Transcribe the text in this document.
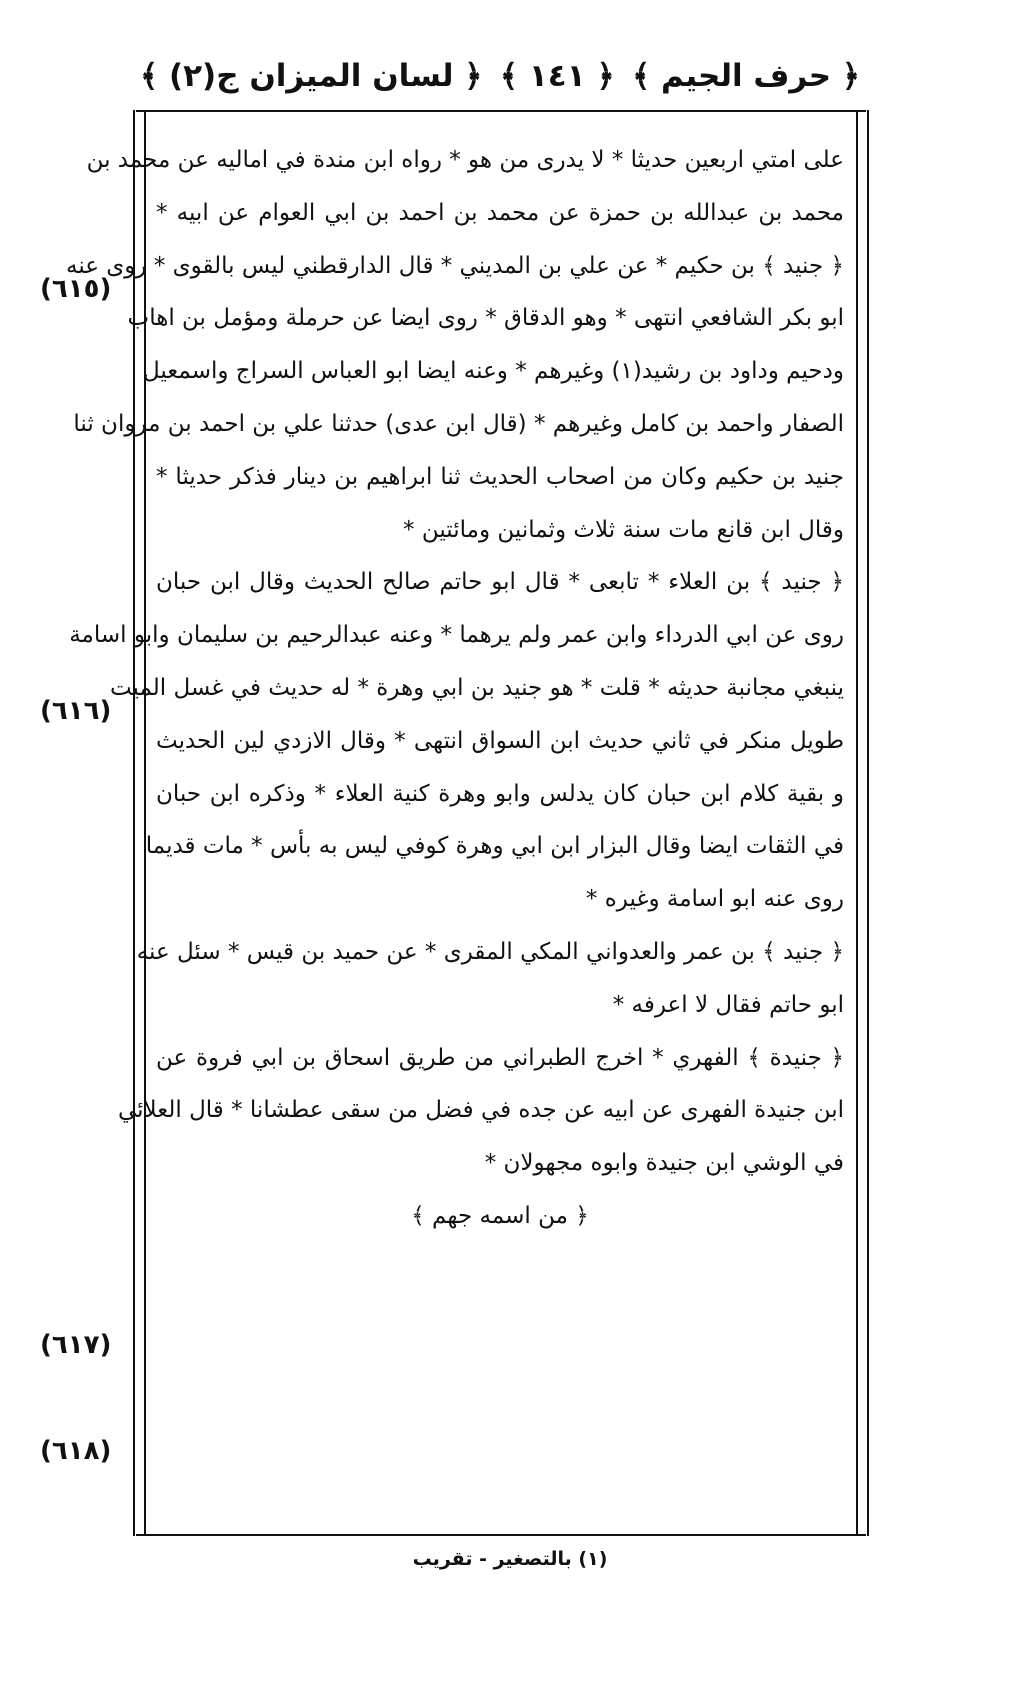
﴿ حرف الجيم ﴾
﴿ ١٤١ ﴾
﴿ لسان الميزان ج(٢) ﴾
على امتي اربعين حديثا * لا يدرى من هو * رواه ابن مندة في اماليه عن محمد بن
محمد بن عبدالله بن حمزة عن محمد بن احمد بن ابي العوام عن ابيه *
﴿ جنيد ﴾ بن حكيم * عن علي بن المديني * قال الدارقطني ليس بالقوى * روى عنه
ابو بكر الشافعي انتهى * وهو الدقاق * روى ايضا عن حرملة ومؤمل بن اهاب
ودحيم وداود بن رشيد(١) وغيرهم * وعنه ايضا ابو العباس السراج واسمعيل
الصفار واحمد بن كامل وغيرهم * (قال ابن عدى) حدثنا علي بن احمد بن مروان ثنا
جنيد بن حكيم وكان من اصحاب الحديث ثنا ابراهيم بن دينار فذكر حديثا *
وقال ابن قانع مات سنة ثلاث وثمانين ومائتين *
﴿ جنيد ﴾ بن العلاء * تابعى * قال ابو حاتم صالح الحديث وقال ابن حبان
روى عن ابي الدرداء وابن عمر ولم يرهما * وعنه عبدالرحيم بن سليمان وابو اسامة
ينبغي مجانبة حديثه * قلت * هو جنيد بن ابي وهرة * له حديث في غسل الميت
طويل منكر في ثاني حديث ابن السواق انتهى * وقال الازدي لين الحديث
و بقية كلام ابن حبان كان يدلس وابو وهرة كنية العلاء * وذكره ابن حبان
في الثقات ايضا وقال البزار ابن ابي وهرة كوفي ليس به بأس * مات قديما
روى عنه ابو اسامة وغيره *
﴿ جنيد ﴾ بن عمر والعدواني المكي المقرى * عن حميد بن قيس * سئل عنه
ابو حاتم فقال لا اعرفه *
﴿ جنيدة ﴾ الفهري * اخرج الطبراني من طريق اسحاق بن ابي فروة عن
ابن جنيدة الفهرى عن ابيه عن جده في فضل من سقى عطشانا * قال العلائي
في الوشي ابن جنيدة وابوه مجهولان *
﴿ من اسمه جهم ﴾
(٦١٥)
(٦١٦)
(٦١٧)
(٦١٨)
(١) بالتصغير - تقريب
